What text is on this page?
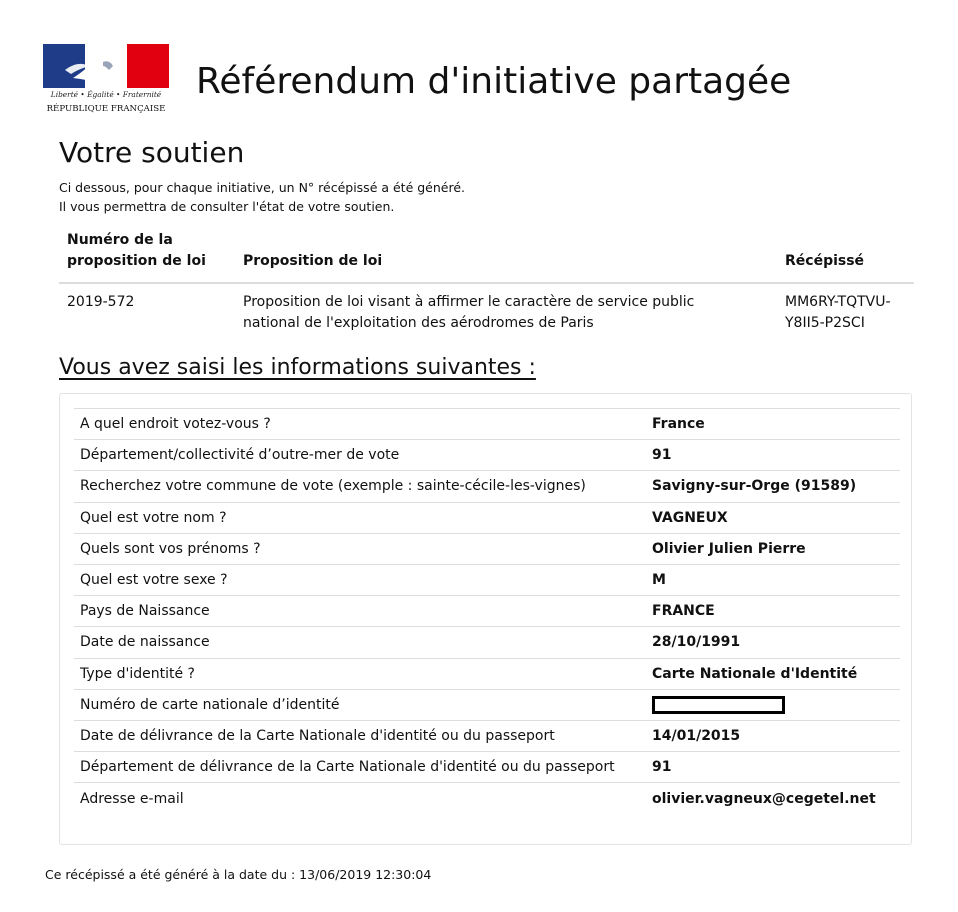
Liberté • Égalité • Fraternité
RÉPUBLIQUE FRANÇAISE
Référendum d'initiative partagée
Votre soutien
Ci dessous, pour chaque initiative, un N° récépissé a été généré.
Il vous permettra de consulter l'état de votre soutien.
Numéro de la
proposition de loi	Proposition de loi	Récépissé
2019-572	Proposition de loi visant à affirmer le caractère de service public
national de l'exploitation des aérodromes de Paris	MM6RY-TQTVU-
Y8II5-P2SCI
Vous avez saisi les informations suivantes :
A quel endroit votez-vous ?	France
Département/collectivité d’outre-mer de vote	91
Recherchez votre commune de vote (exemple : sainte-cécile-les-vignes)	Savigny-sur-Orge (91589)
Quel est votre nom ?	VAGNEUX
Quels sont vos prénoms ?	Olivier Julien Pierre
Quel est votre sexe ?	M
Pays de Naissance	FRANCE
Date de naissance	28/10/1991
Type d'identité ?	Carte Nationale d'Identité
Numéro de carte nationale d’identité	
Date de délivrance de la Carte Nationale d'identité ou du passeport	14/01/2015
Département de délivrance de la Carte Nationale d'identité ou du passeport	91
Adresse e-mail	olivier.vagneux@cegetel.net
Ce récépissé a été généré à la date du : 13/06/2019 12:30:04
